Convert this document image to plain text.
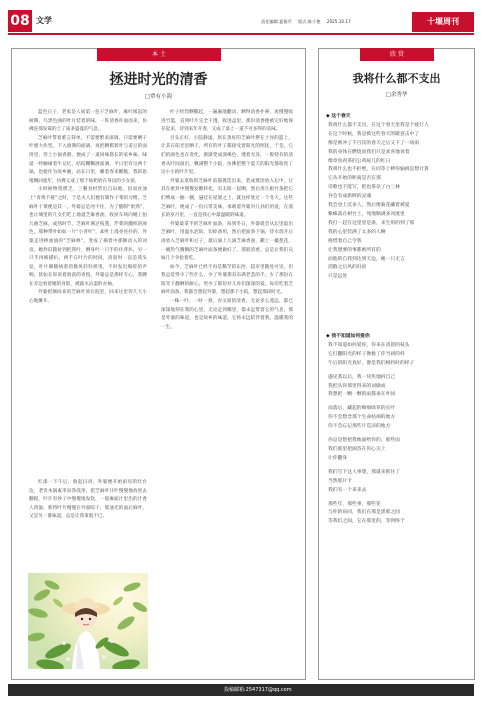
08 文学	责任编辑:夏雅芹 版式:陈小艳 2025.10.17	十堰周刊
本 土
拯进时光的清香
□覃有小海

蓝色日子，老家是人间第一包干芝麻叶，麻叶闻起的树期，鸟黑色曲的叶片装着的味，一阵清香扑面而来，仿佛连那发霉的土了质多盛夏的气息。

芝麻叶带着难言简单，不需要繁多深调。只需要晒干叶感大佐型。下入滚沸的面锅，再把精棋着叶与姜豆的面汤里，待上小锅香港，便成了一道回味悠长的家乡味。味道一经触碰着牛记忆，结结糊糊展面满，平日里有这两个锅，也使作为故乡碗，站在日里，睡着春来酥脆，我的思绪飘回童年，仿佛又成了那个姑奶奶在身边的小女孩。

小时候物资匮乏，三餐食材皆出自田地，因而食油上“青黄不接”之时，于是夫人们便有制作干菜的习惯。芝麻叶干菜便是其一。外婆总是河不住，为了憾制“果熟”，也让城里的几女们吃上地道芝麻香油，收扯车场向她上拍几曲芝麻。成熟时节，芝麻叶满过枝蔓，芹菜的翻织的颜色，那种带叶如如一片“小青叶”，却叶上漫亮亮扑的，外婆走进棒油油的“芝麻林”，变成了摘着中那顺动入的词语。她拎旧随扯到把我叶，侧身叶一只手的住背扒，另一只手再细描扒，两手在叶片的时间，清晨时一直是我头发，叶片顺随绒着的微风轻轻摇曳，不时发出细碎的声响，犹如在诉说着收获的喜悦，外婆总是那样专心，我蹲在旁边看着她的身影，被露水沾湿的衣袖。

外婆把摘回来的芝麻叶放在院里，回来这里待几天小心地摊开。

红漆一下午后，收起扫帚，外婆便开始厨房的灶台边，老奇木锅素米泉净洗净，把芝麻叶汗叶慢慢地放进去翻搅，叶片有炒子中慢慢地发软，一般麻面汁里出的汁香人四溢，新将叶片慢慢在外面晾干，那油光的面后麻叶，又是另一番味道，总是让我垂涎不已。

叶子经烈晒撒起，一遍遍地翻动，晒得清香扑鼻，再慢慢收进竹篮，直到叶片完全干透，收进盒里，那份清香便被完好地保存起来，待到来年开春，又成了桌上一道不可多得的美味。

目头正好，小院静谧。原在蒸好的芝麻叶摆在士谷的篮上，让其在阳光里晒干，所有的叶子都接受着阳光的照抚，于是，它们的颜色也在变化，渐渐变成深褐色，透着光泽，一股特有的清香从叶间溢出，飘满整个小院，仿佛把整个夏天的阳光都收进了这小小的叶片里。

外婆去麦收的芝麻叶前都挑选出来，装成菜团放入坛中，让其在密封中慢慢发酵转化，有太阳一起晒，然后用几根竹条把它们绑成一捆一捆，悬挂在屋梁之上，就这样度过一个冬天。这些芝麻叶，便成了一份日常美味，承载着外婆对儿孙们的爱，在漫长的岁月里，一直是我心中最温暖的味道。

外婆最拿手的芝麻叶面条，每到冬日，外婆就会从坛里取出芝麻叶，用温水泡软，切碎备用，然后把面条下锅，待水烧开后再放入芝麻叶和豆子，最后滴上几滴芝麻香油，撒上一撮葱花，一碗热气腾腾的芝麻叶面条便做好了，那股清香，总是让我们兄妹几个争抢着吃。

如今，芝麻叶已经不再是稀罕的东西，超市里随处可见，但我总觉得少了些什么，少了外婆那双布满老茧的手，少了那份在阳光下翻晒的耐心，更少了那份对儿孙们深深的爱。每次吃着芝麻叶面条，我都会想起外婆，想起那个小院，想起那段时光。

一株一叶，一时一刻，吞文间的清香，无论多么遥远，都已深深地刻在我的心里，无论走到哪里，都永远带着它的气息，那是外婆的味道，也是故乡的味道，它将永远陪伴着我，温暖我的一生。

欣 赏
我将什么都不支出
□余秀华
◆ 这个春天
我将什么都不支出，在这个春天里我是个疲行人
在这个时候，我是被这些春天的暖意击中了
像是被冲了千百次的春天之后又下了一场雨
我的身体在燃烧而我们只是欢喜地说着
像章鱼鸡茶的公鸡屁儿的红日
我将什么也不拒绝，在同等上棒你愉挑是想计算
它从开始的距离是否在那
诗歌也不能写，把也茶杂了白三林
谷会有成新鲜的灵魂
我会登上沉多人，然后像菊花藏着被爱
紫蛛落在树台上，死地顺满多河流里
我打一起在这里里是条，来生用的到了那
我的心里装满了太多的人啊
疼惜着自己令我
让我想要的事都被所有的
而他的自我到达到天边，她一只无言
消散之后风的归宿
只是远处
◆ 我不知道如何爱你
我不知道如何爱你，你来在清晨的枝头
它打翻阳光的样子像极了你当初的样
午后的阳光真好，像是我们相约时的样子
遇见我以后，我一块块地拆自己
我把从你那里得来的词做成
我想把一颗一颗的雨都垂在叶间
雨落后，藏起的细细绿草的长叶
你不会想念那个生命枯竭的地方
你不会忘记那些片荒凉的地方
你总是想把我地面给你的，那些雨
我们那里把滴答在你心尖上
让你翻身
我们写下这人事想，那就来抓住了
当然那片卡
我们有一个来来去
那些年，那些事，那些花
与你的肩同，我们在那是黑那之间
等我们之间，它在那里的，等到终于
投稿邮箱:2547317@qq.com
